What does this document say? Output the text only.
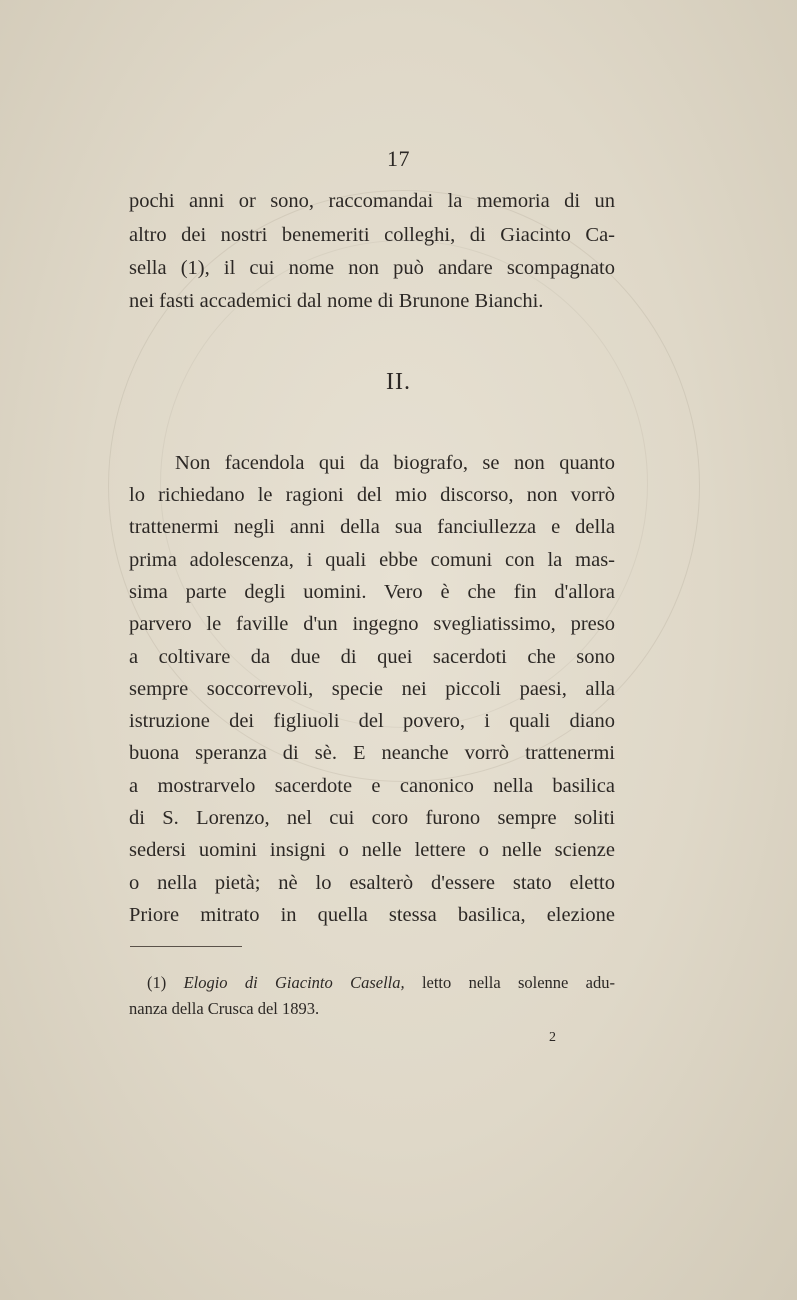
17
pochi anni or sono, raccomandai la memoria di un
altro dei nostri benemeriti colleghi, di Giacinto Ca-
sella (1), il cui nome non può andare scompagnato
nei fasti accademici dal nome di Brunone Bianchi.
II.
Non facendola qui da biografo, se non quanto
lo richiedano le ragioni del mio discorso, non vorrò
trattenermi negli anni della sua fanciullezza e della
prima adolescenza, i quali ebbe comuni con la mas-
sima parte degli uomini. Vero è che fin d'allora
parvero le faville d'un ingegno svegliatissimo, preso
a coltivare da due di quei sacerdoti che sono
sempre soccorrevoli, specie nei piccoli paesi, alla
istruzione dei figliuoli del povero, i quali diano
buona speranza di sè. E neanche vorrò trattenermi
a mostrarvelo sacerdote e canonico nella basilica
di S. Lorenzo, nel cui coro furono sempre soliti
sedersi uomini insigni o nelle lettere o nelle scienze
o nella pietà; nè lo esalterò d'essere stato eletto
Priore mitrato in quella stessa basilica, elezione
(1) Elogio di Giacinto Casella, letto nella solenne adu-
nanza della Crusca del 1893.
2
